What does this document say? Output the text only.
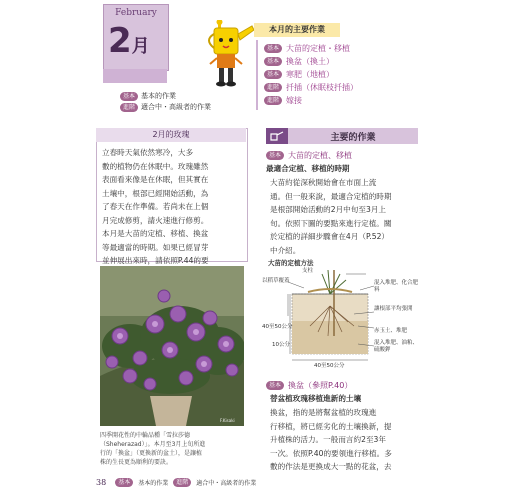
February
2月
基本 基本的作業
進階 適合中・高級者的作業
本月的主要作業
基本 大苗的定植・移植
基本 換盆（換土）
基本 寒肥（地植）
進階 扦插（休眠枝扦插）
進階 嫁接
2月的玫瑰
立春時天氣依然寒冷，大多
數的植物仍在休眠中。玫瑰雖然
表面看來像是在休眠，但其實在
土壤中，根部已經開始活動，為
了春天在作準備。若尚未在上個
月完成修剪，請火速進行修剪。
本月是大苗的定植、移植、換盆
等最適當的時期。如果已經冒芽
並伸展出來時，請依照P.44的要
F.Kisaki
四季開花性的中輪品種「雪拉莎德
（Sheherazad）」。本月至3月上旬所進
行的「換盆」（更換新的盆土），是讓植
株的生長更為順利的要訣。
主要的作業
基本 大苗的定植、移植
最適合定植、移植的時期
大苗約從深秋開始會在市面上流
通。但一般來說，最適合定植的時期
是根部開始活動的2月中旬至3月上
旬。依照下圖的要點來進行定植。關
於定植的詳細步驟會在4月（P.52）
中介紹。
大苗的定植方法
支柱
以稻草覆蓋	混入堆肥、化合肥料
讓根部平均張開
赤玉土、堆肥
混入堆肥、油粕、硫酸鉀
40至50公分
10公分
40至50公分
基本 換盆（參照P.40）
替盆植玫瑰移植進新的土壤
換盆，指的是將幫盆植的玫瑰進
行移植，將已經劣化的土壤換新，提
升植株的活力。一般而言約2至3年
一次。依照P.40的要領進行移植。多
數的作法是更換成大一點的花盆，去
38	基本	基本的作業	進階	適合中・高級者的作業
